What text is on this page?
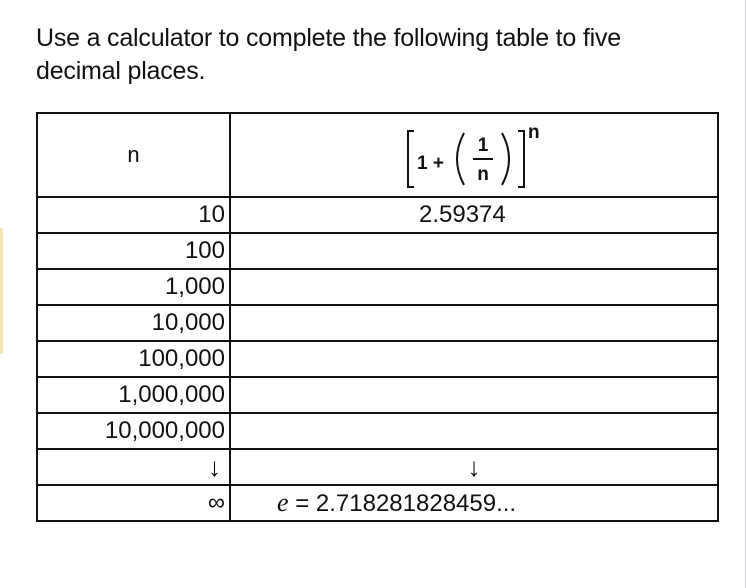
Use a calculator to complete the following table to five
decimal places.
n	1 +
1
n
n

10	2.59374
100	
1,000	
10,000	
100,000	
1,000,000	
10,000,000	
↓	↓
∞	e = 2.718281828459...
